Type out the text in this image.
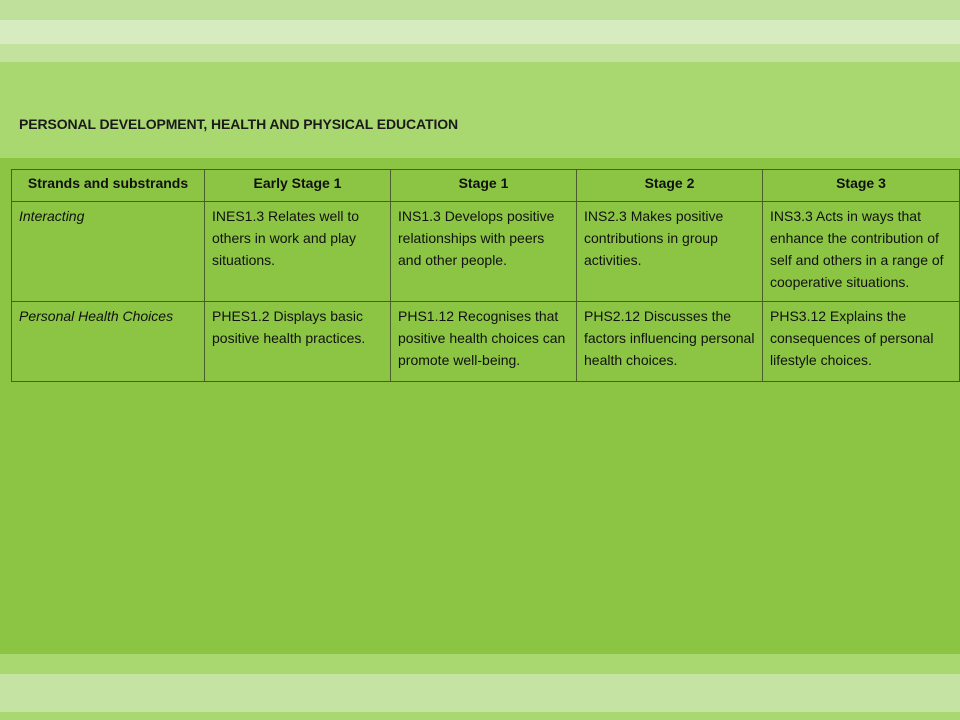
PERSONAL DEVELOPMENT, HEALTH AND PHYSICAL EDUCATION
Strands and substrands	Early Stage 1	Stage 1	Stage 2	Stage 3
Interacting	INES1.3 Relates well to others in work and play situations.	INS1.3 Develops positive relationships with peers and other people.	INS2.3 Makes positive contributions in group activities.	INS3.3 Acts in ways that enhance the contribution of self and others in a range of cooperative situations.
Personal Health Choices	PHES1.2 Displays basic positive health practices.	PHS1.12 Recognises that positive health choices can promote well-being.	PHS2.12 Discusses the factors influencing personal health choices.	PHS3.12 Explains the consequences of personal lifestyle choices.
